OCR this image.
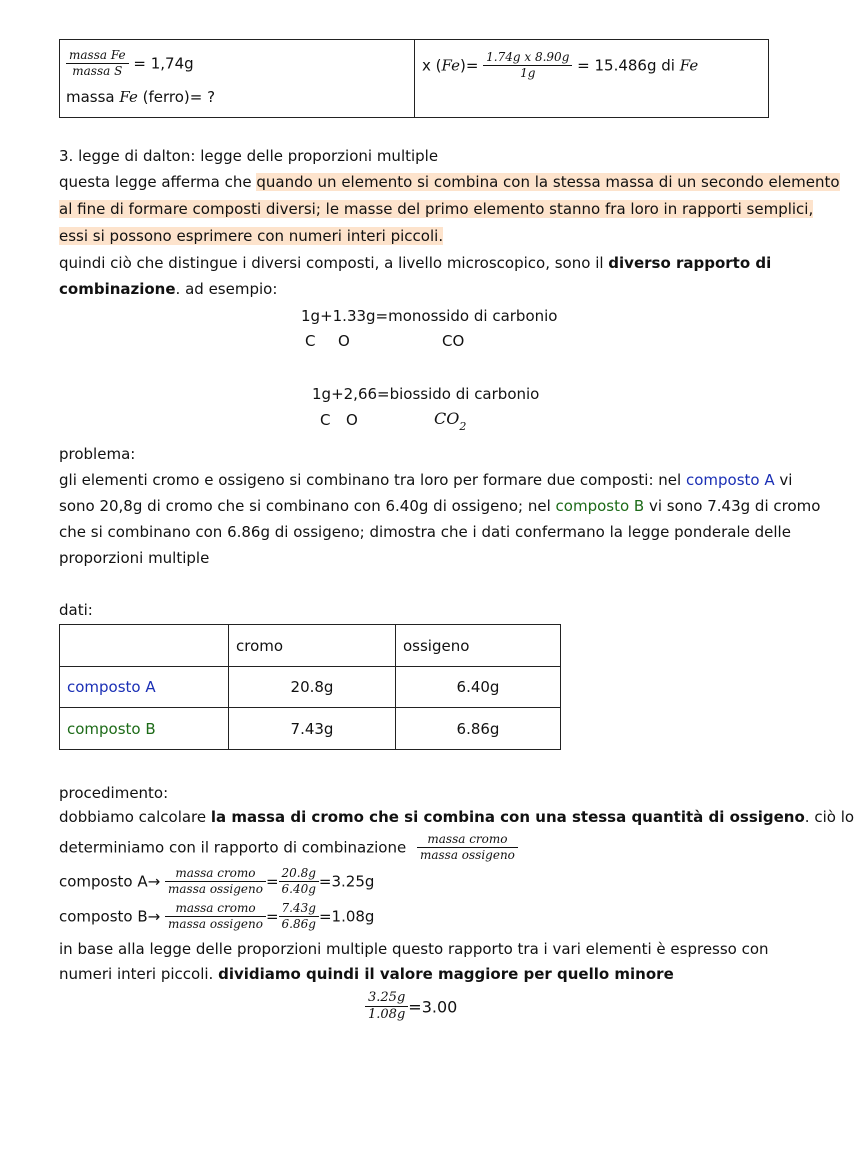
$\frac{\text{massa Fe}}{\text{massa S}} = 1,74g$
massa Fe (ferro)= ?
x $(Fe)= \frac{\text{1.74g x 8.90g}}{1g} = 15.486g$ di Fe
3. legge di dalton: legge delle proporzioni multiple
questa legge afferma che quando un elemento si combina con la stessa massa di un secondo elemento
al fine di formare composti diversi; le masse del primo elemento stanno fra loro in rapporti semplici,
essi si possono esprimere con numeri interi piccoli.
quindi ciò che distingue i diversi composti, a livello microscopico, sono il diverso rapporto di
combinazione. ad esempio:
1g+1.33g=monossido di carbonio
C O	CO
1g+2,66=biossido di carbonio
C O	$CO_2$
problema:
gli elementi cromo e ossigeno si combinano tra loro per formare due composti: nel composto A vi
sono 20,8g di cromo che si combinano con 6.40g di ossigeno; nel composto B vi sono 7.43g di cromo
che si combinano con 6.86g di ossigeno; dimostra che i dati confermano la legge ponderale delle
proporzioni multiple
dati:
	cromo	ossigeno
composto A	20.8g	6.40g
composto B	7.43g	6.86g
procedimento:
dobbiamo calcolare la massa di cromo che si combina con una stessa quantità di ossigeno. ciò lo
determiniamo con il rapporto di combinazione $\frac{\text{massa cromo}}{\text{massa ossigeno}}$
composto $A\to \frac{\text{massa cromo}}{\text{massa ossigeno}} = \frac{20.8g}{6.40g} =3.25g$
composto $B\to \frac{\text{massa cromo}}{\text{massa ossigeno}} = \frac{7.43g}{6.86g} =1.08g$
in base alla legge delle proporzioni multiple questo rapporto tra i vari elementi è espresso con
numeri interi piccoli. dividiamo quindi il valore maggiore per quello minore
$\frac{3.25g}{1.08g} =3.00$
